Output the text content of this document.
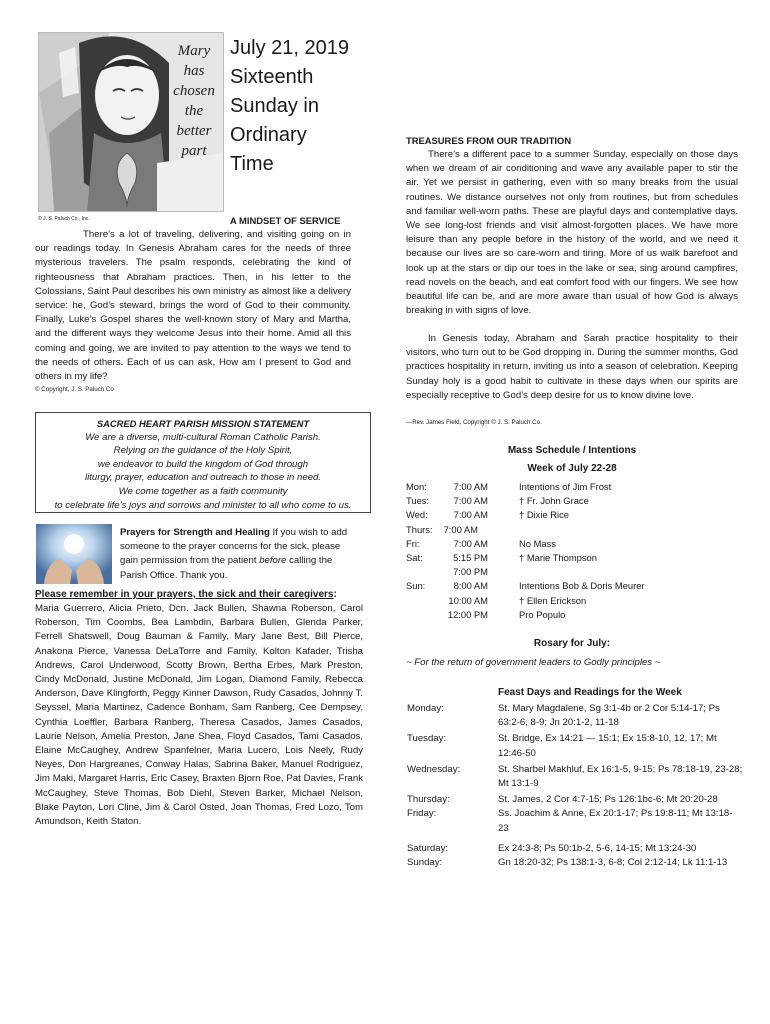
Mary
has
chosen
the
better
part
© J. S. Paluch Co., Inc.
July 21, 2019
Sixteenth
Sunday in
Ordinary
Time
A MINDSET OF SERVICE
There’s a lot of traveling, delivering, and visiting going on in our readings today. In Genesis Abraham cares for the needs of three mysterious travelers. The psalm responds, celebrating the kind of righteousness that Abraham practices. Then, in his letter to the Colossians, Saint Paul describes his own ministry as almost like a delivery service: he, God’s steward, brings the word of God to their community. Finally, Luke’s Gospel shares the well-known story of Mary and Martha, and the different ways they welcome Jesus into their home. Amid all this coming and going, we are invited to pay attention to the ways we tend to the needs of others. Each of us can ask, How am I present to God and others in my life?
© Copyright, J. S. Paluch Co
SACRED HEART PARISH MISSION STATEMENT
We are a diverse, multi-cultural Roman Catholic Parish.
Relying on the guidance of the Holy Spirit,
we endeavor to build the kingdom of God through
liturgy, prayer, education and outreach to those in need.
We come together as a faith community
to celebrate life’s joys and sorrows and minister to all who come to us.
Prayers for Strength and Healing If you wish to add someone to the prayer concerns for the sick, please gain permission from the patient before calling the Parish Office. Thank you.
Please remember in your prayers, the sick and their caregivers:
Maria Guerrero, Alicia Prieto, Dcn. Jack Bullen, Shawna Roberson, Carol Roberson, Tim Coombs, Bea Lambdin, Barbara Bullen, Glenda Parker, Ferrell Shatswell, Doug Bauman & Family, Mary Jane Best, Bill Pierce, Anakona Pierce, Vanessa DeLaTorre and Family, Kolton Kafader, Trisha Andrews, Carol Underwood, Scotty Brown, Bertha Erbes, Mark Preston, Cindy McDonald, Justine McDonald, Jim Logan, Diamond Family, Rebecca Anderson, Dave Klingforth, Peggy Kinner Dawson, Rudy Casados, Johnny T. Seyssel, Maria Martinez, Cadence Bonham, Sam Ranberg, Cee Dempsey, Cynthia Loeffler, Barbara Ranberg, Theresa Casados, James Casados, Laurie Nelson, Amelia Preston, Jane Shea, Floyd Casados, Tami Casados, Elaine McCaughey, Andrew Spanfelner, Maria Lucero, Lois Neely, Rudy Neyes, Don Hargreanes, Conway Halas, Sabrina Baker, Manuel Rodriguez, Jim Maki, Margaret Harris, Eric Casey, Braxten Bjorn Roe, Pat Davies, Frank McCaughey, Steve Thomas, Bob Diehl, Steven Barker, Michael Nelson, Blake Payton, Lori Cline, Jim & Carol Osted, Joan Thomas, Fred Lozo, Tom Amundson, Keith Staton.
TREASURES FROM OUR TRADITION
There’s a different pace to a summer Sunday, especially on those days when we dream of air conditioning and wave any available paper to stir the air. Yet we persist in gathering, even with so many breaks from the usual routines. We distance ourselves not only from routines, but from schedules and familiar well-worn paths. These are playful days and contemplative days. We see long-lost friends and visit almost-forgotten places. We have more leisure than any people before in the history of the world, and we need it because our lives are so care-worn and tiring. More of us walk barefoot and look up at the stars or dip our toes in the lake or sea, sing around campfires, read novels on the beach, and eat comfort food with our fingers. We see how beautiful life can be, and are more aware than usual of how God is always breaking in with signs of love.
In Genesis today, Abraham and Sarah practice hospitality to their visitors, who turn out to be God dropping in. During the summer months, God practices hospitality in return, inviting us into a season of celebration. Keeping Sunday holy is a good habit to cultivate in these days when our spirits are especially receptive to God’s deep desire for us to know divine love.
—Rev. James Field, Copyright © J. S. Paluch Co.
Mass Schedule / Intentions
Week of July 22-28
Mon:	7:00 AM	Intentions of Jim Frost
Tues:	7:00 AM	† Fr. John Grace
Wed:	7:00 AM	† Dixie Rice
Thurs:	7:00 AM
Fri:	7:00 AM	No Mass
Sat:	5:15 PM	† Marie Thompson
7:00 PM
Sun:	8:00 AM	Intentions Bob & Doris Meurer
10:00 AM	† Ellen Erickson
12:00 PM	Pro Populo
Rosary for July:
~ For the return of government leaders to Godly principles ~
Feast Days and Readings for the Week
Monday:	St. Mary Magdalene, Sg 3:1-4b or 2 Cor 5:14-17; Ps 63:2-6, 8-9; Jn 20:1-2, 11-18
Tuesday:	St. Bridge, Ex 14:21 — 15:1; Ex 15:8-10, 12, 17; Mt 12:46-50
Wednesday:	St. Sharbel Makhluf, Ex 16:1-5, 9-15; Ps 78:18-19, 23-28; Mt 13:1-9
Thursday:	St. James, 2 Cor 4:7-15; Ps 126:1bc-6; Mt 20:20-28
Friday:	Ss. Joachim & Anne, Ex 20:1-17; Ps 19:8-11; Mt 13:18-23
Saturday:	Ex 24:3-8; Ps 50:1b-2, 5-6, 14-15; Mt 13:24-30
Sunday:	Gn 18:20-32; Ps 138:1-3, 6-8; Col 2:12-14; Lk 11:1-13
